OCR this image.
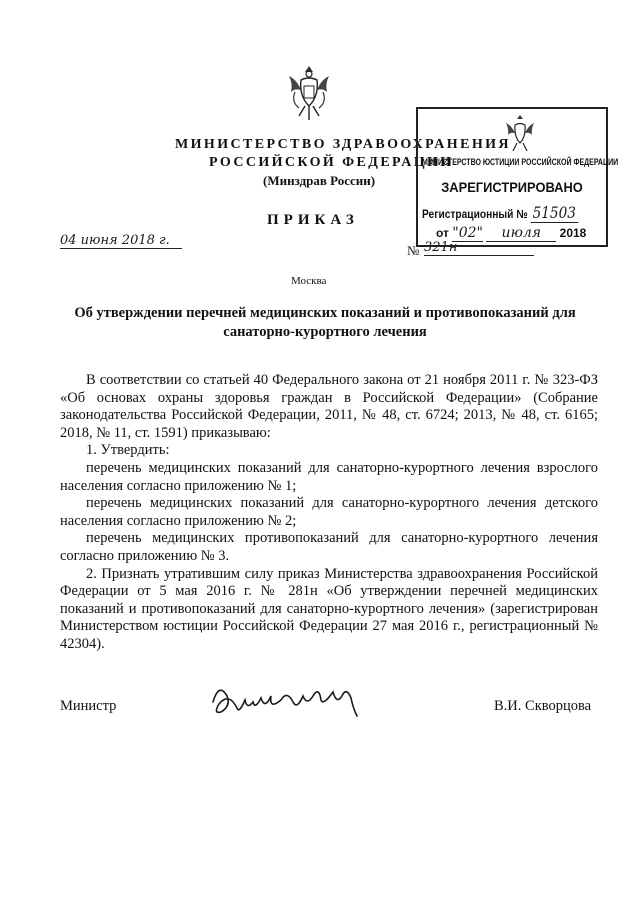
МИНИСТЕРСТВО ЗДРАВООХРАНЕНИЯ
РОССИЙСКОЙ ФЕДЕРАЦИИ
(Минздрав России)
ПРИКАЗ
04 июня 2018 г.
№ 321н
Москва
МИНИСТЕРСТВО ЮСТИЦИИ РОССИЙСКОЙ ФЕДЕРАЦИИ
ЗАРЕГИСТРИРОВАНО
Регистрационный № 51503
от "02" июля 2018
Об утверждении перечней медицинских показаний и противопоказаний для санаторно-курортного лечения

В соответствии со статьей 40 Федерального закона от 21 ноября 2011 г. № 323-ФЗ «Об основах охраны здоровья граждан в Российской Федерации» (Собрание законодательства Российской Федерации, 2011, № 48, ст. 6724; 2013, № 48, ст. 6165; 2018, № 11, ст. 1591) приказываю:

1. Утвердить:

перечень медицинских показаний для санаторно-курортного лечения взрослого населения согласно приложению № 1;

перечень медицинских показаний для санаторно-курортного лечения детского населения согласно приложению № 2;

перечень медицинских противопоказаний для санаторно-курортного лечения согласно приложению № 3.

2. Признать утратившим силу приказ Министерства здравоохранения Российской Федерации от 5 мая 2016 г. № 281н «Об утверждении перечней медицинских показаний и противопоказаний для санаторно-курортного лечения» (зарегистрирован Министерством юстиции Российской Федерации 27 мая 2016 г., регистрационный № 42304).

Министр	В.И. Скворцова
